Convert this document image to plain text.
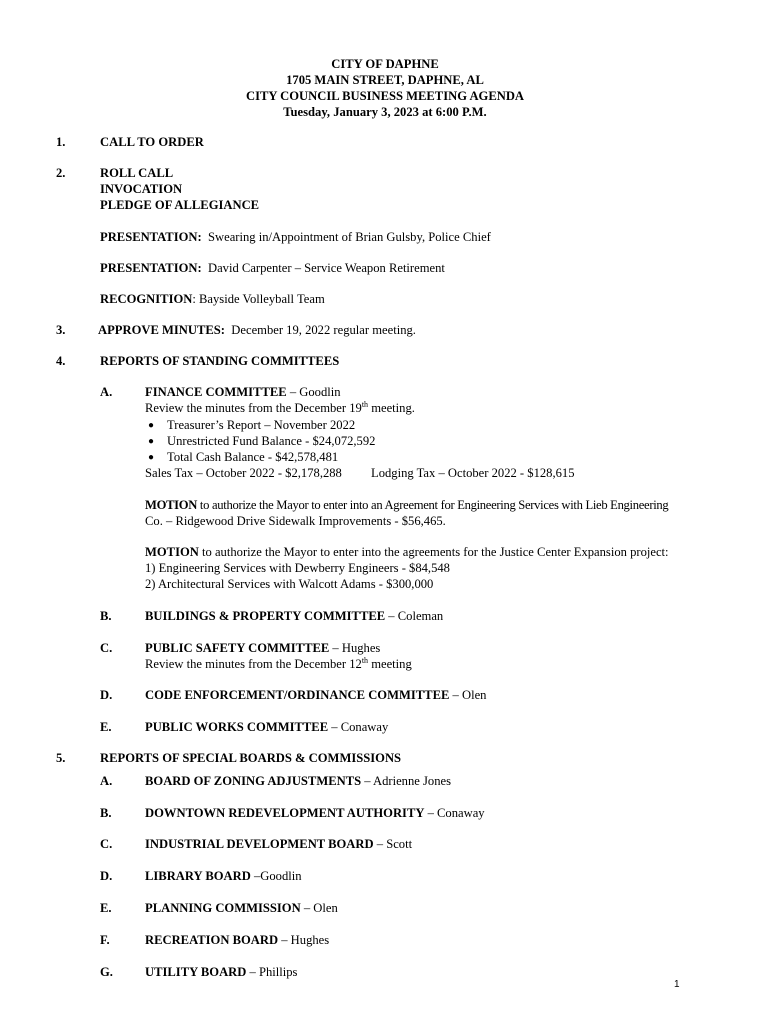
CITY OF DAPHNE
1705 MAIN STREET, DAPHNE, AL
CITY COUNCIL BUSINESS MEETING AGENDA
Tuesday, January 3, 2023 at 6:00 P.M.
1.	CALL TO ORDER
2.	ROLL CALL
INVOCATION
PLEDGE OF ALLEGIANCE
PRESENTATION: Swearing in/Appointment of Brian Gulsby, Police Chief
PRESENTATION: David Carpenter – Service Weapon Retirement
RECOGNITION: Bayside Volleyball Team
3.	APPROVE MINUTES: December 19, 2022 regular meeting.
4.	REPORTS OF STANDING COMMITTEES
A.	FINANCE COMMITTEE – Goodlin
Review the minutes from the December 19th meeting.
● Treasurer’s Report – November 2022
● Unrestricted Fund Balance - $24,072,592
● Total Cash Balance - $42,578,481
Sales Tax – October 2022 - $2,178,288 Lodging Tax – October 2022 - $128,615
MOTION to authorize the Mayor to enter into an Agreement for Engineering Services with Lieb Engineering
Co. – Ridgewood Drive Sidewalk Improvements - $56,465.
MOTION to authorize the Mayor to enter into the agreements for the Justice Center Expansion project:
1) Engineering Services with Dewberry Engineers - $84,548
2) Architectural Services with Walcott Adams - $300,000
B.	BUILDINGS & PROPERTY COMMITTEE – Coleman
C.	PUBLIC SAFETY COMMITTEE – Hughes
Review the minutes from the December 12th meeting
D.	CODE ENFORCEMENT/ORDINANCE COMMITTEE – Olen
E.	PUBLIC WORKS COMMITTEE – Conaway
5.	REPORTS OF SPECIAL BOARDS & COMMISSIONS
A.	BOARD OF ZONING ADJUSTMENTS – Adrienne Jones
B.	DOWNTOWN REDEVELOPMENT AUTHORITY – Conaway
C.	INDUSTRIAL DEVELOPMENT BOARD – Scott
D.	LIBRARY BOARD –Goodlin
E.	PLANNING COMMISSION – Olen
F.	RECREATION BOARD – Hughes
G.	UTILITY BOARD – Phillips
1
